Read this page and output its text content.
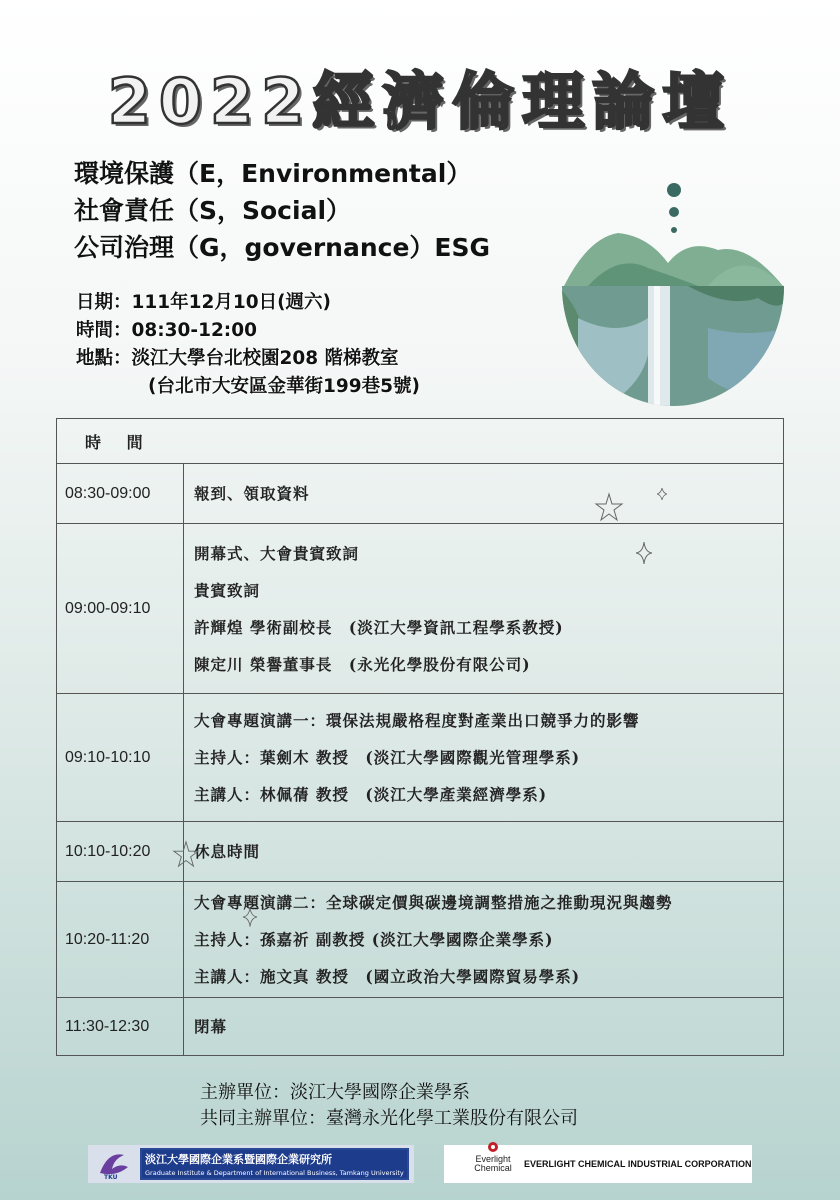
2022經濟倫理論壇
環境保護（E，Environmental）
社會責任（S，Social）
公司治理（G，governance）ESG
日期：111年12月10日(週六)
時間：08:30-12:00
地點：淡江大學台北校園208 階梯教室
(台北市大安區金華街199巷5號)
時 間	
08:30-09:00	報到、領取資料

09:00-09:10	開幕式、大會貴賓致詞
貴賓致詞
許輝煌 學術副校長　(淡江大學資訊工程學系教授)
陳定川 榮譽董事長　(永光化學股份有限公司)

09:10-10:10	大會專題演講一：環保法規嚴格程度對產業出口競爭力的影響
主持人：葉劍木 教授　(淡江大學國際觀光管理學系)
主講人：林佩蒨 教授　(淡江大學產業經濟學系)

10:10-10:20	休息時間

10:20-11:20	大會專題演講二：全球碳定價與碳邊境調整措施之推動現況與趨勢
主持人：孫嘉祈 副教授 (淡江大學國際企業學系)
主講人：施文真 教授　(國立政治大學國際貿易學系)

11:30-12:30	閉幕
主辦單位：淡江大學國際企業學系
共同主辦單位：臺灣永光化學工業股份有限公司
TKU
淡江大學國際企業系暨國際企業研究所
Graduate Institute & Department of International Business, Tamkang University
Everlight Chemical	EVERLIGHT CHEMICAL INDUSTRIAL CORPORATION
